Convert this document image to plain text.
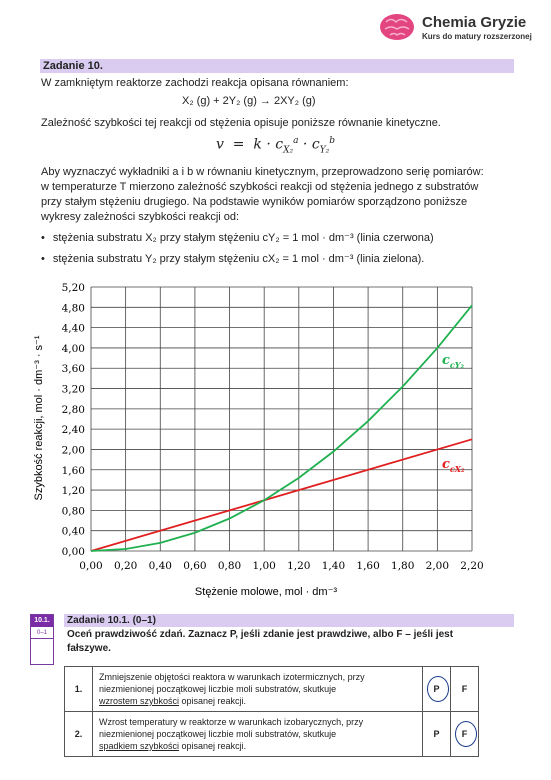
Chemia Gryzie
Kurs do matury rozszerzonej
Zadanie 10.
W zamkniętym reaktorze zachodzi reakcja opisana równaniem:
X₂ (g) + 2Y₂ (g) → 2XY₂ (g)
Zależność szybkości tej reakcji od stężenia opisuje poniższe równanie kinetyczne.
$v = k \cdot c_{X_2}^a \cdot c_{Y_2}^b$
Aby wyznaczyć wykładniki a i b w równaniu kinetycznym, przeprowadzono serię pomiarów:
w temperaturze T mierzono zależność szybkości reakcji od stężenia jednego z substratów
przy stałym stężeniu drugiego. Na podstawie wyników pomiarów sporządzono poniższe
wykresy zależności szybkości reakcji od:
• stężenia substratu X₂ przy stałym stężeniu cY₂ = 1 mol · dm⁻³ (linia czerwona)
• stężenia substratu Y₂ przy stałym stężeniu cX₂ = 1 mol · dm⁻³ (linia zielona).
0,00 0,20 0,40 0,60 0,80 1,00 1,20 1,40 1,60 1,80 2,00 2,20
0,00
0,40
0,80
1,20
1,60
2,00
2,40
2,80
3,20
3,60
4,00
4,40
4,80
5,20
Stężenie molowe, mol · dm⁻³
Szybkość reakcji, mol · dm⁻³ · s⁻¹	$c_{cY_2}$
$c_{cX_2}$
10.1.
0–1
Zadanie 10.1. (0–1)
Oceń prawdziwość zdań. Zaznacz P, jeśli zdanie jest prawdziwe, albo F – jeśli jest fałszywe.
1.	Zmniejszenie objętości reaktora w warunkach izotermicznych, przy
niezmienionej początkowej liczbie moli substratów, skutkuje
wzrostem szybkości opisanej reakcji.	P	F
2.	Wzrost temperatury w reaktorze w warunkach izobarycznych, przy
niezmienionej początkowej liczbie moli substratów, skutkuje
spadkiem szybkości opisanej reakcji.	P	F
